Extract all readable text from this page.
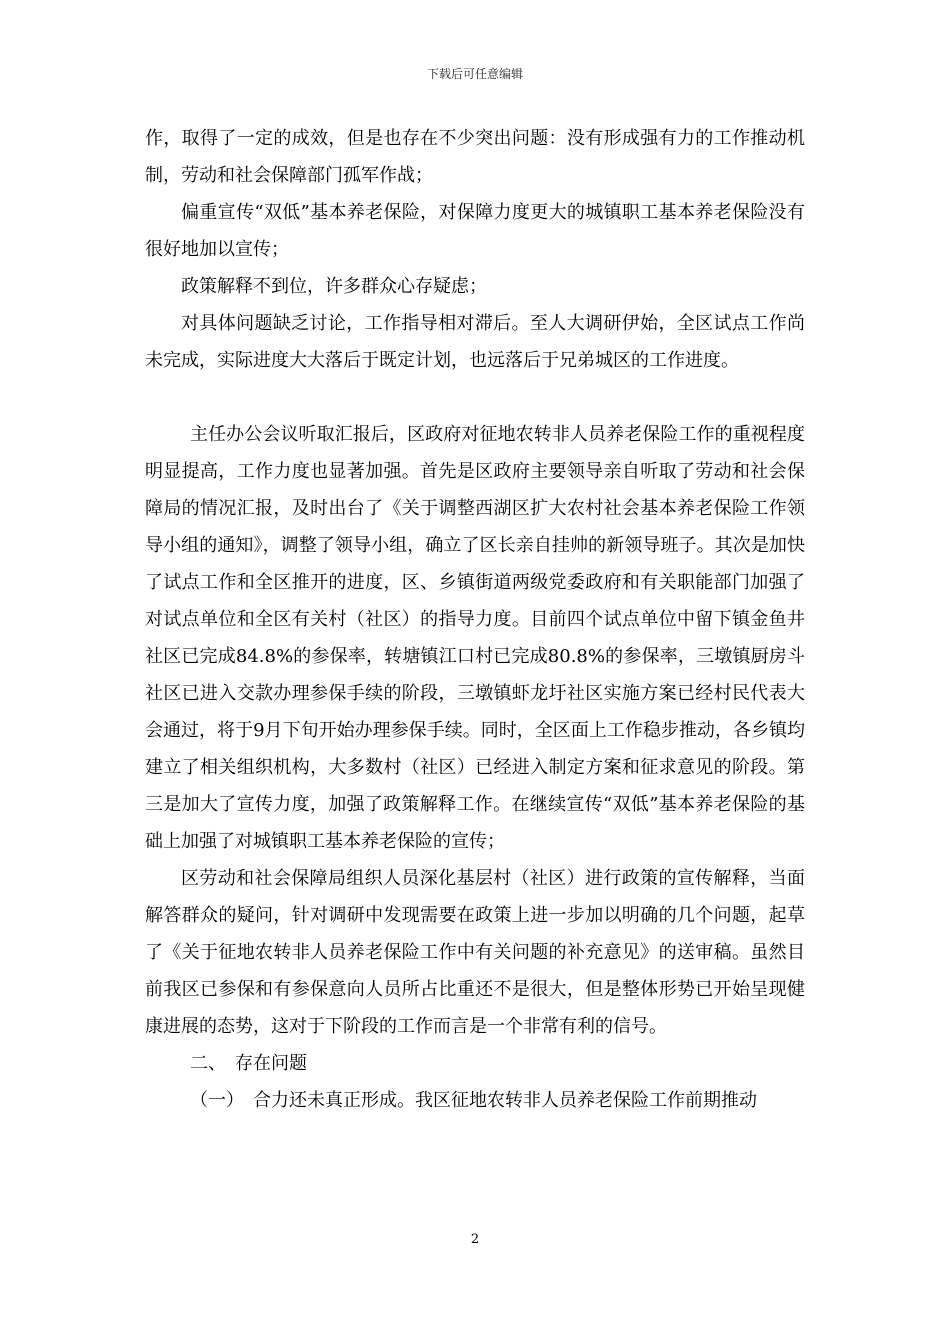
下载后可任意编辑

作，取得了一定的成效，但是也存在不少突出问题：没有形成强有力的工作推动机制，劳动和社会保障部门孤军作战；

偏重宣传“双低”基本养老保险，对保障力度更大的城镇职工基本养老保险没有很好地加以宣传；

政策解释不到位，许多群众心存疑虑；

对具体问题缺乏讨论，工作指导相对滞后。至人大调研伊始，全区试点工作尚未完成，实际进度大大落后于既定计划，也远落后于兄弟城区的工作进度。

主任办公会议听取汇报后，区政府对征地农转非人员养老保险工作的重视程度明显提高，工作力度也显著加强。首先是区政府主要领导亲自听取了劳动和社会保障局的情况汇报，及时出台了《关于调整西湖区扩大农村社会基本养老保险工作领导小组的通知》，调整了领导小组，确立了区长亲自挂帅的新领导班子。其次是加快了试点工作和全区推开的进度，区、乡镇街道两级党委政府和有关职能部门加强了对试点单位和全区有关村（社区）的指导力度。目前四个试点单位中留下镇金鱼井社区已完成84.8%的参保率，转塘镇江口村已完成80.8%的参保率，三墩镇厨房斗社区已进入交款办理参保手续的阶段，三墩镇虾龙圩社区实施方案已经村民代表大会通过，将于9月下旬开始办理参保手续。同时，全区面上工作稳步推动，各乡镇均建立了相关组织机构，大多数村（社区）已经进入制定方案和征求意见的阶段。第三是加大了宣传力度，加强了政策解释工作。在继续宣传“双低”基本养老保险的基础上加强了对城镇职工基本养老保险的宣传；

区劳动和社会保障局组织人员深化基层村（社区）进行政策的宣传解释，当面解答群众的疑问，针对调研中发现需要在政策上进一步加以明确的几个问题，起草了《关于征地农转非人员养老保险工作中有关问题的补充意见》的送审稿。虽然目前我区已参保和有参保意向人员所占比重还不是很大，但是整体形势已开始呈现健康进展的态势，这对于下阶段的工作而言是一个非常有利的信号。

二、　存在问题

（一）　合力还未真正形成。我区征地农转非人员养老保险工作前期推动

2
